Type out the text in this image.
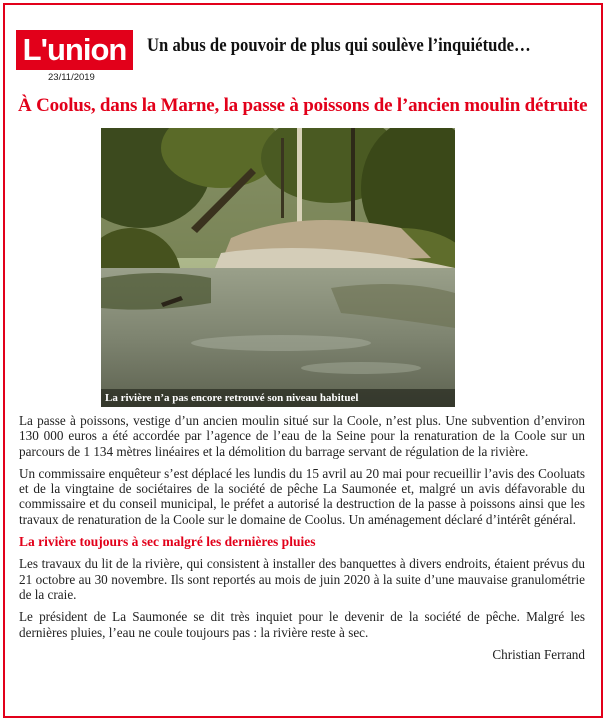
L'union
23/11/2019
Un abus de pouvoir de plus qui soulève l’inquiétude…
À Coolus, dans la Marne, la passe à poissons de l’ancien moulin détruite
La rivière n’a pas encore retrouvé son niveau habituel

La passe à poissons, vestige d’un ancien moulin situé sur la Coole, n’est plus. Une subvention d’environ 130 000 euros a été accordée par l’agence de l’eau de la Seine pour la renaturation de la Coole sur un parcours de 1 134 mètres linéaires et la démolition du barrage servant de régulation de la rivière.

Un commissaire enquêteur s’est déplacé les lundis du 15 avril au 20 mai pour recueillir l’avis des Cooluats et de la vingtaine de sociétaires de la société de pêche La Saumonée et, malgré un avis défavorable du commissaire et du conseil municipal, le préfet a autorisé la destruction de la passe à poissons ainsi que les travaux de renaturation de la Coole sur le domaine de Coolus. Un aménagement déclaré d’intérêt général.

La rivière toujours à sec malgré les dernières pluies

Les travaux du lit de la rivière, qui consistent à installer des banquettes à divers endroits, étaient prévus du 21 octobre au 30 novembre. Ils sont reportés au mois de juin 2020 à la suite d’une mauvaise granulométrie de la craie.

Le président de La Saumonée se dit très inquiet pour le devenir de la société de pêche. Malgré les dernières pluies, l’eau ne coule toujours pas : la rivière reste à sec.

Christian Ferrand
